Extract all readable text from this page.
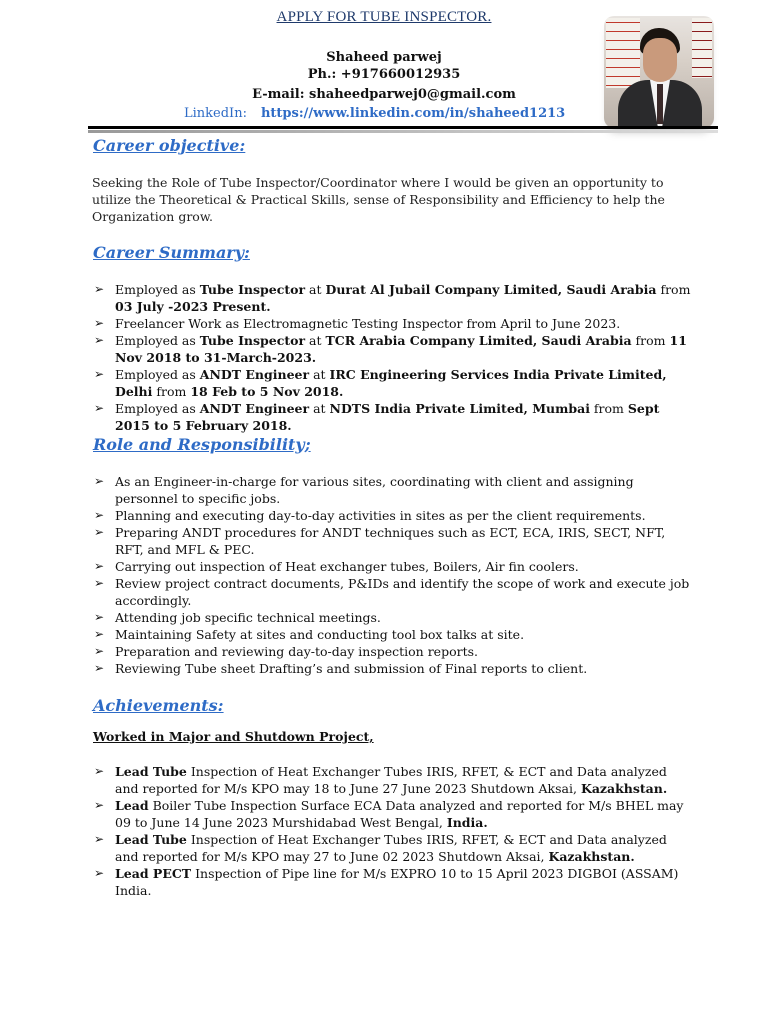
APPLY FOR TUBE INSPECTOR.
Shaheed parwej
Ph.: +917660012935
E-mail: shaheedparwej0@gmail.com
LinkedIn: https://www.linkedin.com/in/shaheed1213
Career objective:
Seeking the Role of Tube Inspector/Coordinator where I would be given an opportunity to utilize the Theoretical & Practical Skills, sense of Responsibility and Efficiency to help the Organization grow.
Career Summary:
➢ Employed as Tube Inspector at Durat Al Jubail Company Limited, Saudi Arabia from 03 July -2023 Present.
➢ Freelancer Work as Electromagnetic Testing Inspector from April to June 2023.
➢ Employed as Tube Inspector at TCR Arabia Company Limited, Saudi Arabia from 11 Nov 2018 to 31-March-2023.
➢ Employed as ANDT Engineer at IRC Engineering Services India Private Limited, Delhi from 18 Feb to 5 Nov 2018.
➢ Employed as ANDT Engineer at NDTS India Private Limited, Mumbai from Sept 2015 to 5 February 2018.
Role and Responsibility;
➢ As an Engineer-in-charge for various sites, coordinating with client and assigning personnel to specific jobs.
➢ Planning and executing day-to-day activities in sites as per the client requirements.
➢ Preparing ANDT procedures for ANDT techniques such as ECT, ECA, IRIS, SECT, NFT, RFT, and MFL & PEC.
➢ Carrying out inspection of Heat exchanger tubes, Boilers, Air fin coolers.
➢ Review project contract documents, P&IDs and identify the scope of work and execute job accordingly.
➢ Attending job specific technical meetings.
➢ Maintaining Safety at sites and conducting tool box talks at site.
➢ Preparation and reviewing day-to-day inspection reports.
➢ Reviewing Tube sheet Drafting’s and submission of Final reports to client.
Achievements:
Worked in Major and Shutdown Project,
➢ Lead Tube Inspection of Heat Exchanger Tubes IRIS, RFET, & ECT and Data analyzed and reported for M/s KPO may 18 to June 27 June 2023 Shutdown Aksai, Kazakhstan.
➢ Lead Boiler Tube Inspection Surface ECA Data analyzed and reported for M/s BHEL may 09 to June 14 June 2023 Murshidabad West Bengal, India.
➢ Lead Tube Inspection of Heat Exchanger Tubes IRIS, RFET, & ECT and Data analyzed and reported for M/s KPO may 27 to June 02 2023 Shutdown Aksai, Kazakhstan.
➢ Lead PECT Inspection of Pipe line for M/s EXPRO 10 to 15 April 2023 DIGBOI (ASSAM) India.
